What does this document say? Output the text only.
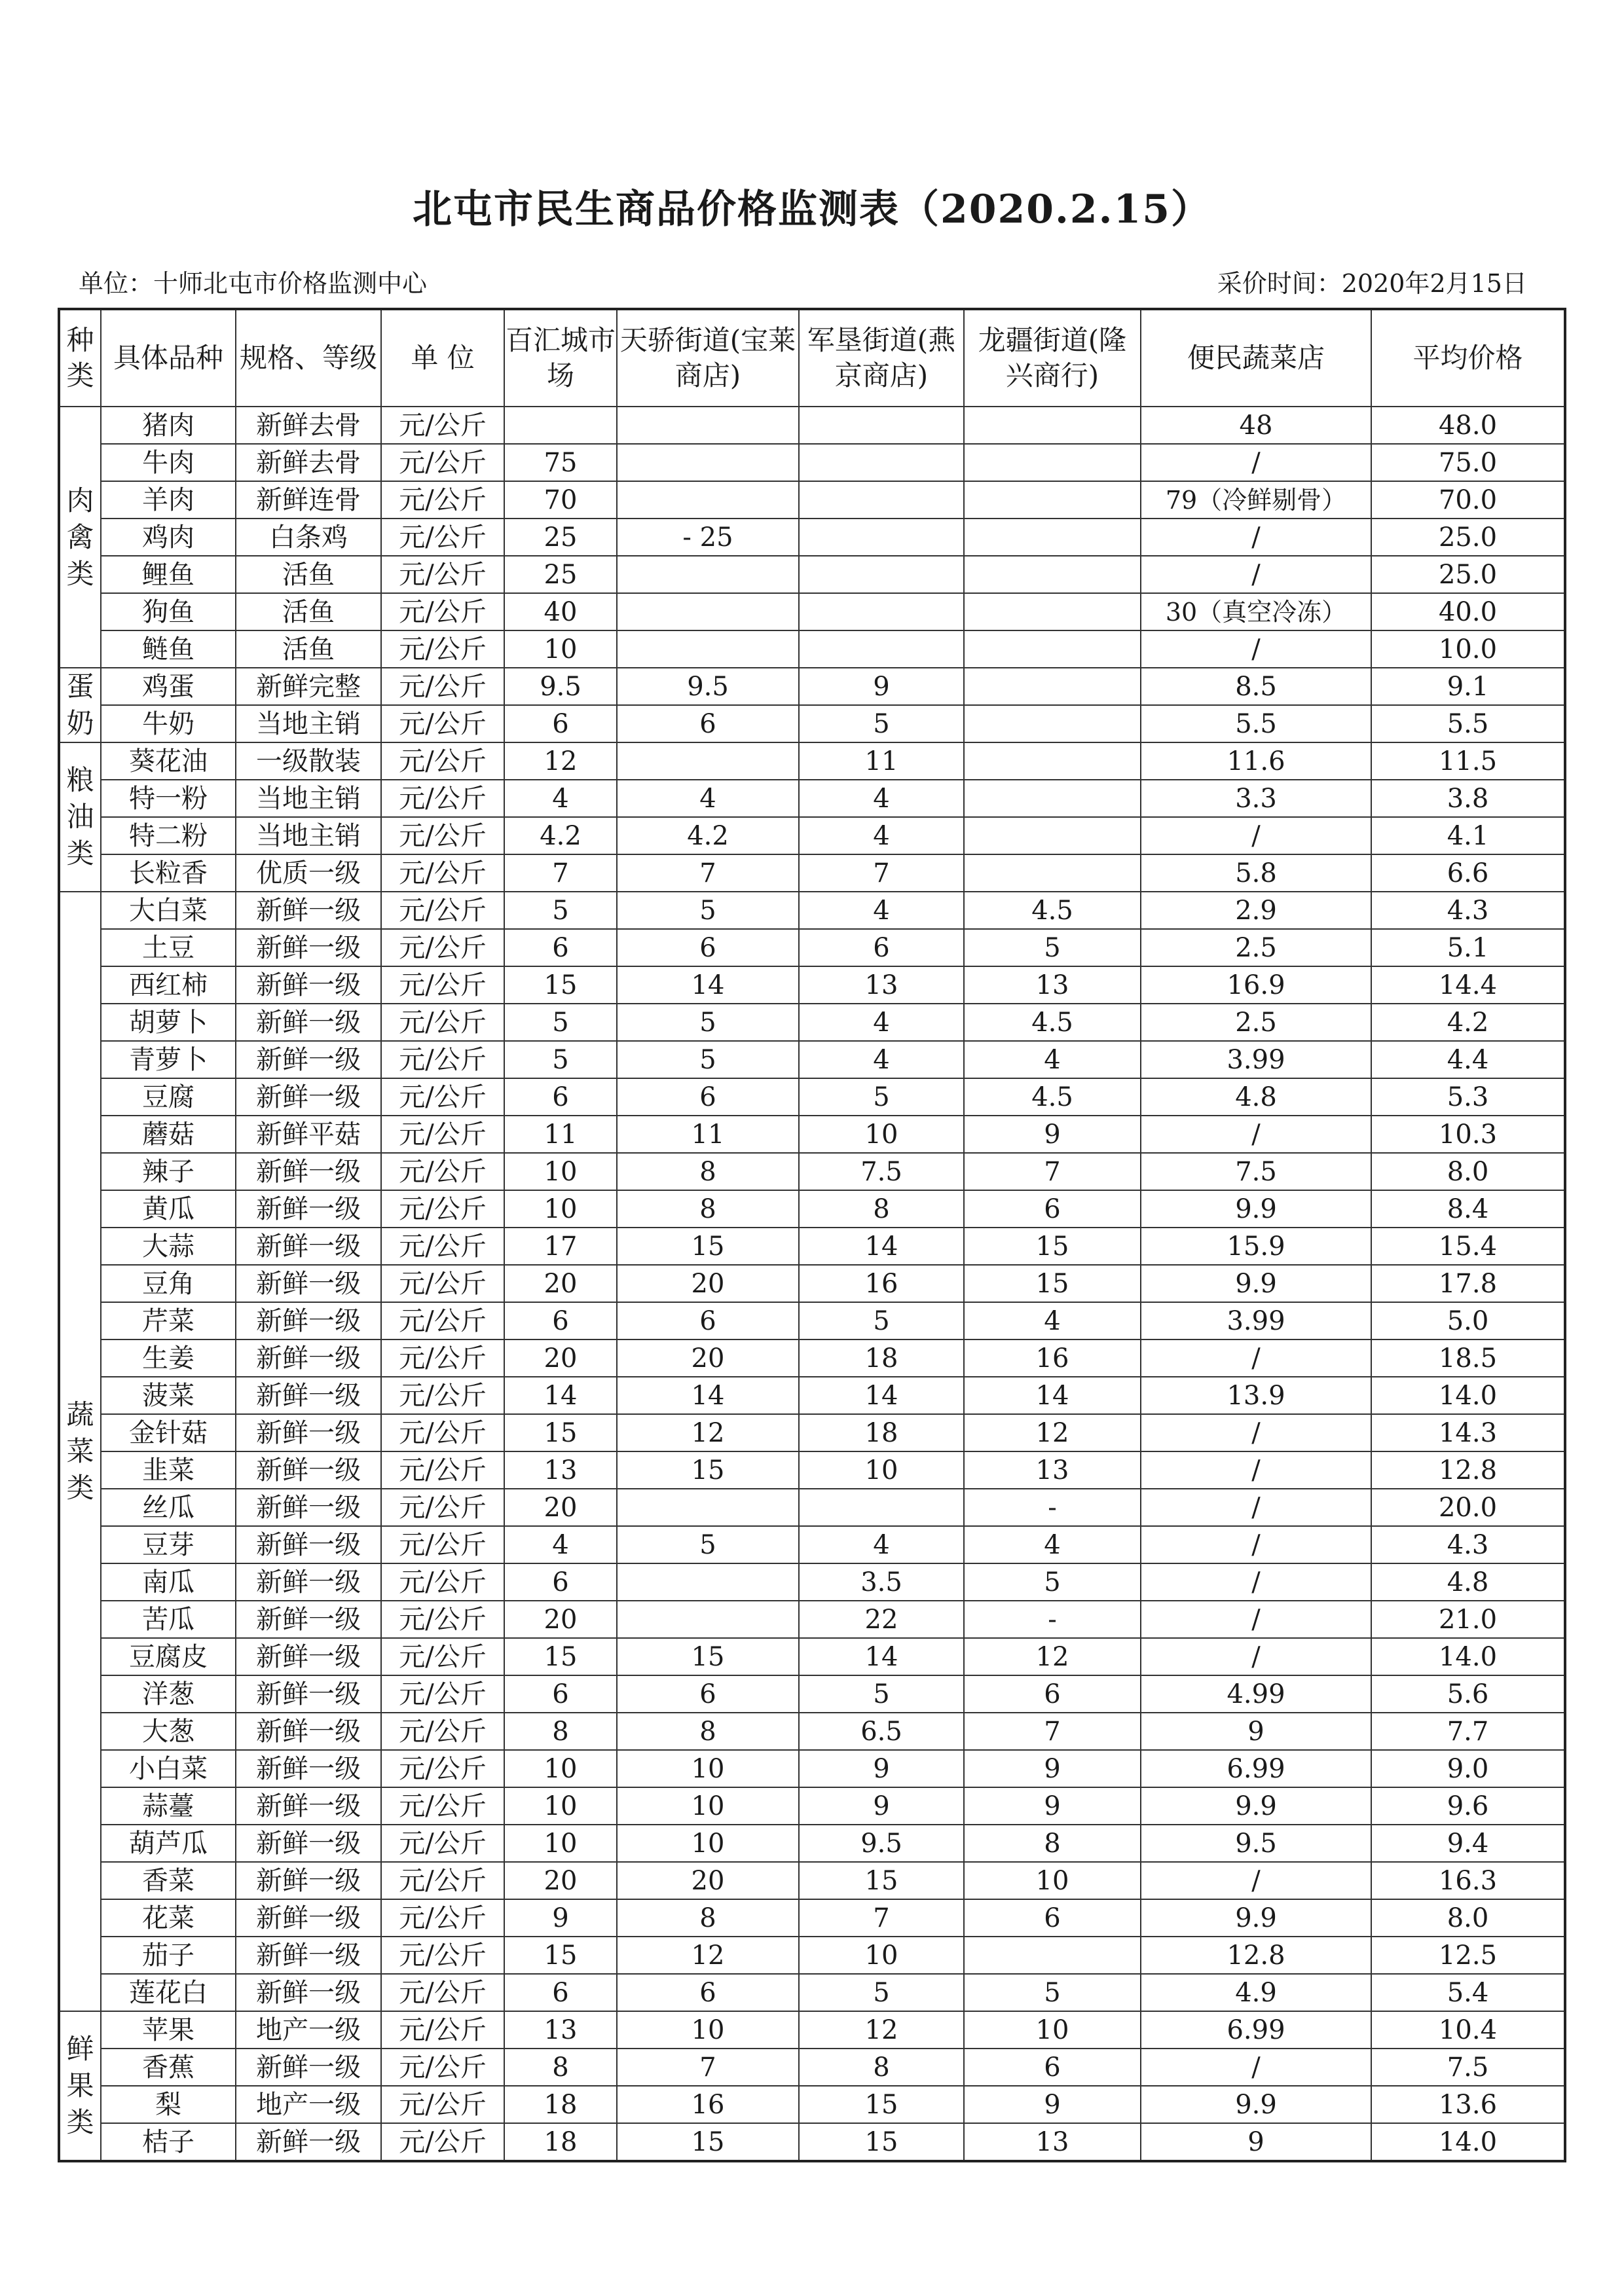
北屯市民生商品价格监测表（2020.2.15）
单位：十师北屯市价格监测中心	采价时间：2020年2月15日
种类	具体品种	规格、等级	单 位	百汇城市场	天骄街道(宝莱商店)	军垦街道(燕京商店)	龙疆街道(隆兴商行)	便民蔬菜店	平均价格
肉禽类	猪肉	新鲜去骨	元/公斤					48	48.0
	牛肉	新鲜去骨	元/公斤	75				/	75.0
	羊肉	新鲜连骨	元/公斤	70				79（冷鲜剔骨）	70.0
	鸡肉	白条鸡	元/公斤	25	- 25			/	25.0
	鲤鱼	活鱼	元/公斤	25				/	25.0
	狗鱼	活鱼	元/公斤	40				30（真空冷冻）	40.0
	鲢鱼	活鱼	元/公斤	10				/	10.0
蛋奶	鸡蛋	新鲜完整	元/公斤	9.5	9.5	9		8.5	9.1
	牛奶	当地主销	元/公斤	6	6	5		5.5	5.5
粮油类	葵花油	一级散装	元/公斤	12		11		11.6	11.5
	特一粉	当地主销	元/公斤	4	4	4		3.3	3.8
	特二粉	当地主销	元/公斤	4.2	4.2	4		/	4.1
	长粒香	优质一级	元/公斤	7	7	7		5.8	6.6
蔬菜类	大白菜	新鲜一级	元/公斤	5	5	4	4.5	2.9	4.3
	土豆	新鲜一级	元/公斤	6	6	6	5	2.5	5.1
	西红柿	新鲜一级	元/公斤	15	14	13	13	16.9	14.4
	胡萝卜	新鲜一级	元/公斤	5	5	4	4.5	2.5	4.2
	青萝卜	新鲜一级	元/公斤	5	5	4	4	3.99	4.4
	豆腐	新鲜一级	元/公斤	6	6	5	4.5	4.8	5.3
	蘑菇	新鲜平菇	元/公斤	11	11	10	9	/	10.3
	辣子	新鲜一级	元/公斤	10	8	7.5	7	7.5	8.0
	黄瓜	新鲜一级	元/公斤	10	8	8	6	9.9	8.4
	大蒜	新鲜一级	元/公斤	17	15	14	15	15.9	15.4
	豆角	新鲜一级	元/公斤	20	20	16	15	9.9	17.8
	芹菜	新鲜一级	元/公斤	6	6	5	4	3.99	5.0
	生姜	新鲜一级	元/公斤	20	20	18	16	/	18.5
	菠菜	新鲜一级	元/公斤	14	14	14	14	13.9	14.0
	金针菇	新鲜一级	元/公斤	15	12	18	12	/	14.3
	韭菜	新鲜一级	元/公斤	13	15	10	13	/	12.8
	丝瓜	新鲜一级	元/公斤	20			-	/	20.0
	豆芽	新鲜一级	元/公斤	4	5	4	4	/	4.3
	南瓜	新鲜一级	元/公斤	6		3.5	5	/	4.8
	苦瓜	新鲜一级	元/公斤	20		22	-	/	21.0
	豆腐皮	新鲜一级	元/公斤	15	15	14	12	/	14.0
	洋葱	新鲜一级	元/公斤	6	6	5	6	4.99	5.6
	大葱	新鲜一级	元/公斤	8	8	6.5	7	9	7.7
	小白菜	新鲜一级	元/公斤	10	10	9	9	6.99	9.0
	蒜薹	新鲜一级	元/公斤	10	10	9	9	9.9	9.6
	葫芦瓜	新鲜一级	元/公斤	10	10	9.5	8	9.5	9.4
	香菜	新鲜一级	元/公斤	20	20	15	10	/	16.3
	花菜	新鲜一级	元/公斤	9	8	7	6	9.9	8.0
	茄子	新鲜一级	元/公斤	15	12	10		12.8	12.5
	莲花白	新鲜一级	元/公斤	6	6	5	5	4.9	5.4
鲜果类	苹果	地产一级	元/公斤	13	10	12	10	6.99	10.4
	香蕉	新鲜一级	元/公斤	8	7	8	6	/	7.5
	梨	地产一级	元/公斤	18	16	15	9	9.9	13.6
	桔子	新鲜一级	元/公斤	18	15	15	13	9	14.0
